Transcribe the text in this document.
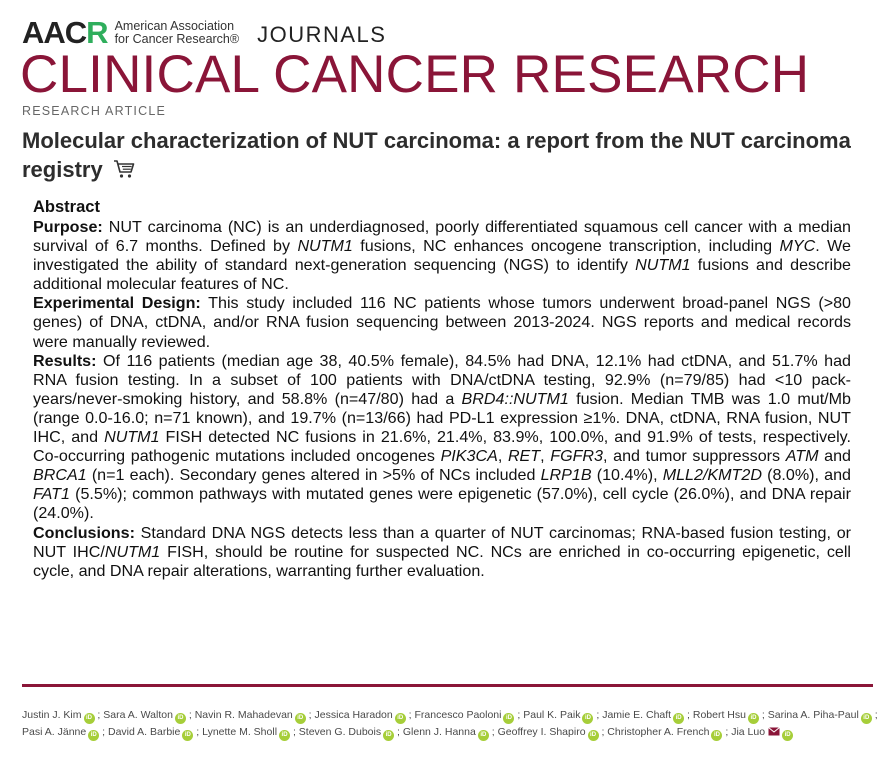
AACR American Association
for Cancer Research® JOURNALS
CLINICAL CANCER RESEARCH
RESEARCH ARTICLE
Molecular characterization of NUT carcinoma: a report from the NUT carcinoma registry
Abstract

Purpose: NUT carcinoma (NC) is an underdiagnosed, poorly differentiated squamous cell cancer with a median survival of 6.7 months. Defined by NUTM1 fusions, NC enhances oncogene transcription, including MYC. We investigated the ability of standard next-generation sequencing (NGS) to identify NUTM1 fusions and describe additional molecular features of NC.

Experimental Design: This study included 116 NC patients whose tumors underwent broad-panel NGS (>80 genes) of DNA, ctDNA, and/or RNA fusion sequencing between 2013-2024. NGS reports and medical records were manually reviewed.

Results: Of 116 patients (median age 38, 40.5% female), 84.5% had DNA, 12.1% had ctDNA, and 51.7% had RNA fusion testing. In a subset of 100 patients with DNA/ctDNA testing, 92.9% (n=79/85) had <10 pack-years/never-smoking history, and 58.8% (n=47/80) had a BRD4::NUTM1 fusion. Median TMB was 1.0 mut/Mb (range 0.0-16.0; n=71 known), and 19.7% (n=13/66) had PD-L1 expression ≥1%. DNA, ctDNA, RNA fusion, NUT IHC, and NUTM1 FISH detected NC fusions in 21.6%, 21.4%, 83.9%, 100.0%, and 91.9% of tests, respectively. Co-occurring pathogenic mutations included oncogenes PIK3CA, RET, FGFR3, and tumor suppressors ATM and BRCA1 (n=1 each). Secondary genes altered in >5% of NCs included LRP1B (10.4%), MLL2/KMT2D (8.0%), and FAT1 (5.5%); common pathways with mutated genes were epigenetic (57.0%), cell cycle (26.0%), and DNA repair (24.0%).

Conclusions: Standard DNA NGS detects less than a quarter of NUT carcinomas; RNA-based fusion testing, or NUT IHC/NUTM1 FISH, should be routine for suspected NC. NCs are enriched in co-occurring epigenetic, cell cycle, and DNA repair alterations, warranting further evaluation.

Justin J. Kim iD ; Sara A. Walton iD ; Navin R. Mahadevan iD ; Jessica Haradon iD ; Francesco Paoloni iD ; Paul K. Paik iD ; Jamie E. Chaft iD ; Robert Hsu iD ; Sarina A. Piha-Paul iD ; Pasi A. Jänne iD ; David A. Barbie iD ; Lynette M. Sholl iD ; Steven G. Dubois iD ; Glenn J. Hanna iD ; Geoffrey I. Shapiro iD ; Christopher A. French iD ; Jia Luo	iD
